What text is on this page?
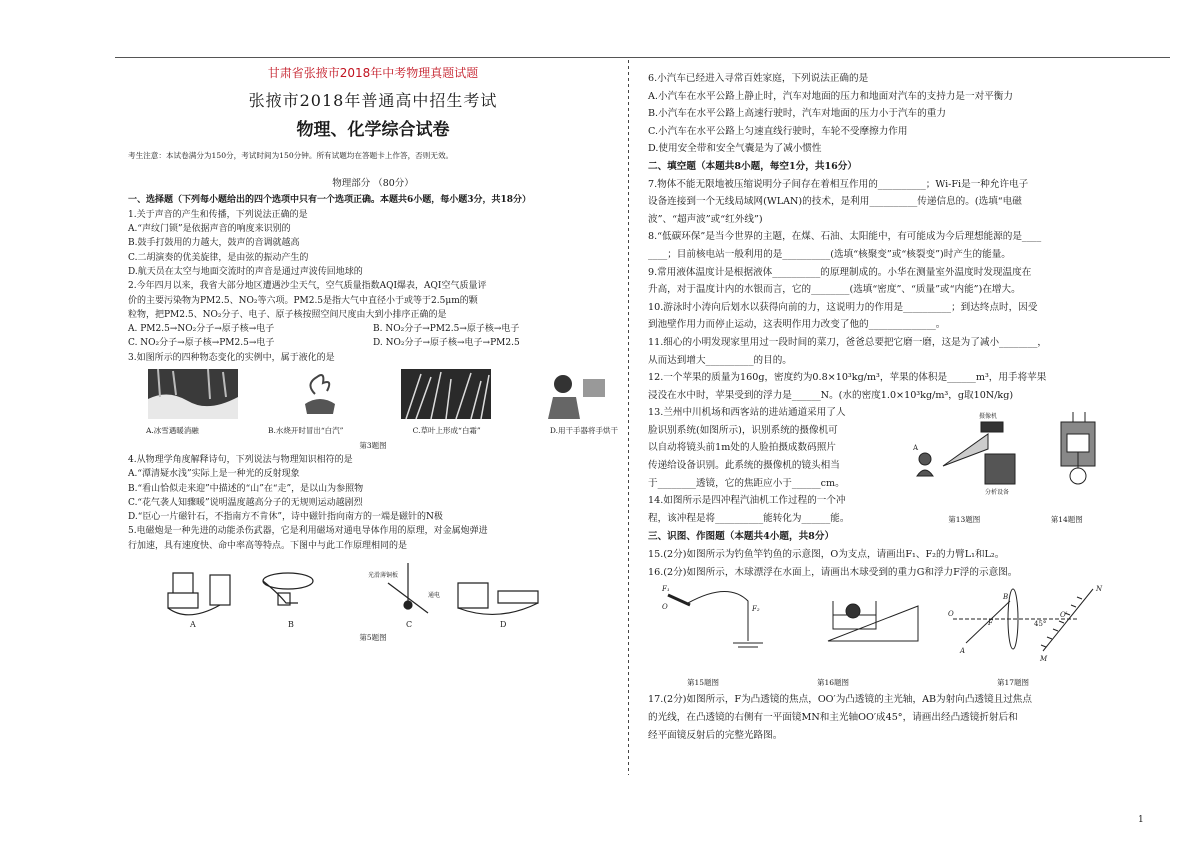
甘肃省张掖市2018年中考物理真题试题
张掖市2018年普通高中招生考试
物理、化学综合试卷
考生注意：本试卷满分为150分，考试时间为150分钟。所有试题均在答题卡上作答，否则无效。
物理部分 （80分）
一、选择题（下列每小题给出的四个选项中只有一个选项正确。本题共6小题，每小题3分，共18分）
1.关于声音的产生和传播，下列说法正确的是
A.“声纹门锁”是依据声音的响度来识别的
B.鼓手打鼓用的力越大，鼓声的音调就越高
C.二胡演奏的优美旋律，是由弦的振动产生的
D.航天员在太空与地面交流时的声音是通过声波传回地球的
2.今年四月以来，我省大部分地区遭遇沙尘天气，空气质量指数AQI爆表，AQI空气质量评
价的主要污染物为PM2.5、NO₂等六项。PM2.5是指大气中直径小于或等于2.5μm的颗
粒物，把PM2.5、NO₂分子、电子、原子核按照空间尺度由大到小排序正确的是
A. PM2.5→NO₂分子→原子核→电子	B. NO₂分子→PM2.5→原子核→电子
C. NO₂分子→原子核→PM2.5→电子	D. NO₂分子→原子核→电子→PM2.5
3.如图所示的四种物态变化的实例中，属于液化的是
A.冰雪遇暖消融	B.水烧开时冒出“白汽”	C.草叶上形成“白霜”	D.用干手器将手烘干
第3题图
4.从物理学角度解释诗句，下列说法与物理知识相符的是
A.“潭清疑水浅”实际上是一种光的反射现象
B.“看山恰似走来迎”中描述的“山”在“走”，是以山为参照物
C.“花气袭人知骤暖”说明温度越高分子的无规则运动越剧烈
D.“臣心一片磁针石，不指南方不肯休”，诗中磁针指向南方的一端是磁针的N极
5.电磁炮是一种先进的动能杀伤武器，它是利用磁场对通电导体作用的原理，对金属炮弹进
行加速，具有速度快、命中率高等特点。下图中与此工作原理相同的是
光滑薄铜板
通电
A	B	C	D
第5题图
6.小汽车已经进入寻常百姓家庭，下列说法正确的是
A.小汽车在水平公路上静止时，汽车对地面的压力和地面对汽车的支持力是一对平衡力
B.小汽车在水平公路上高速行驶时，汽车对地面的压力小于汽车的重力
C.小汽车在水平公路上匀速直线行驶时，车轮不受摩擦力作用
D.使用安全带和安全气囊是为了减小惯性
二、填空题（本题共8小题，每空1分，共16分）
7.物体不能无限地被压缩说明分子间存在着相互作用的__________；Wi-Fi是一种允许电子
设备连接到一个无线局域网(WLAN)的技术，是利用__________传递信息的。(选填“电磁
波”、“超声波”或“红外线”)
8.“低碳环保”是当今世界的主题，在煤、石油、太阳能中，有可能成为今后理想能源的是____
____；目前核电站一般利用的是__________(选填“核聚变”或“核裂变”)时产生的能量。
9.常用液体温度计是根据液体__________的原理制成的。小华在测量室外温度时发现温度在
升高，对于温度计内的水银而言，它的________(选填“密度”、“质量”或“内能”)在增大。
10.游泳时小涛向后划水以获得向前的力，这说明力的作用是__________；到达终点时，因受
到池壁作用力而停止运动，这表明作用力改变了他的______________。
11.细心的小明发现家里用过一段时间的菜刀，爸爸总要把它磨一磨，这是为了减小________，
从而达到增大__________的目的。
12.一个苹果的质量为160g，密度约为0.8×10³kg/m³，苹果的体积是______m³，用手将苹果
浸没在水中时，苹果受到的浮力是______N。(水的密度1.0×10³kg/m³，g取10N/kg)
13.兰州中川机场和西客站的进站通道采用了人
脸识别系统(如图所示)，识别系统的摄像机可
以自动将镜头前1m处的人脸拍摄成数码照片
传递给设备识别。此系统的摄像机的镜头相当
于________透镜，它的焦距应小于______cm。
14.如图所示是四冲程汽油机工作过程的一个冲
程，该冲程是将__________能转化为______能。
摄像机
分析设备
A
第13题图	第14题图
三、识图、作图题（本题共4小题，共8分）
15.(2分)如图所示为钓鱼竿钓鱼的示意图，O为支点，请画出F₁、F₂的力臂L₁和L₂。
16.(2分)如图所示，木球漂浮在水面上，请画出木球受到的重力G和浮力F浮的示意图。
F₁
O	F₂
O
F
B
A
N
O′
M
45°
第15题图	第16题图	第17题图
17.(2分)如图所示，F为凸透镜的焦点，OO′为凸透镜的主光轴，AB为射向凸透镜且过焦点
的光线，在凸透镜的右侧有一平面镜MN和主光轴OO′成45°，请画出经凸透镜折射后和
经平面镜反射后的完整光路图。
1
